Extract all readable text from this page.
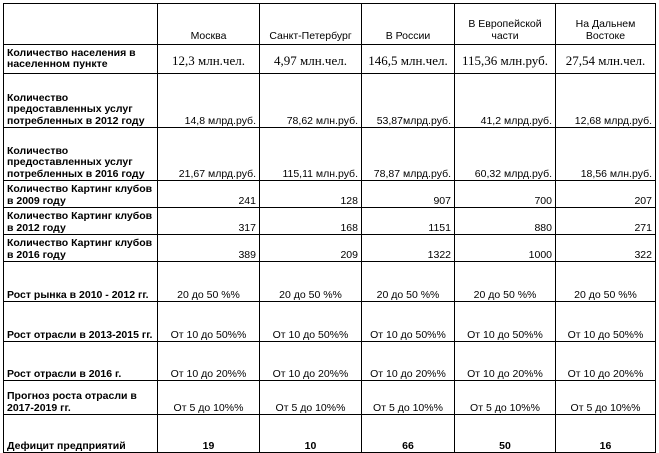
	Москва	Санкт-Петербург	В России	В Европейской части	На Дальнем Востоке
Количество населения в населенном пункте	12,3 млн.чел.	4,97 млн.чел.	146,5 млн.чел.	115,36 млн.руб.	27,54 млн.чел.
Количество предоставленных услуг потребленных в 2012 году	14,8 млрд.руб.	78,62 млн.руб.	53,87млрд.руб.	41,2 млрд.руб.	12,68 млрд.руб.
Количество предоставленных услуг потребленных в 2016 году	21,67 млрд.руб.	115,11 млн.руб.	78,87 млрд.руб.	60,32 млрд.руб.	18,56 млн.руб.
Количество Картинг клубов в 2009 году	241	128	907	700	207
Количество Картинг клубов в 2012 году	317	168	1151	880	271
Количество Картинг клубов в 2016 году	389	209	1322	1000	322
Рост рынка в 2010 - 2012 гг.	20 до 50 %%	20 до 50 %%	20 до 50 %%	20 до 50 %%	20 до 50 %%
Рост отрасли в 2013-2015 гг.	От 10 до 50%%	От 10 до 50%%	От 10 до 50%%	От 10 до 50%%	От 10 до 50%%
Рост отрасли в 2016 г.	От 10 до 20%%	От 10 до 20%%	От 10 до 20%%	От 10 до 20%%	От 10 до 20%%
Прогноз роста отрасли в 2017-2019 гг.	От 5 до 10%%	От 5 до 10%%	От 5 до 10%%	От 5 до 10%%	От 5 до 10%%
Дефицит предприятий	19	10	66	50	16
